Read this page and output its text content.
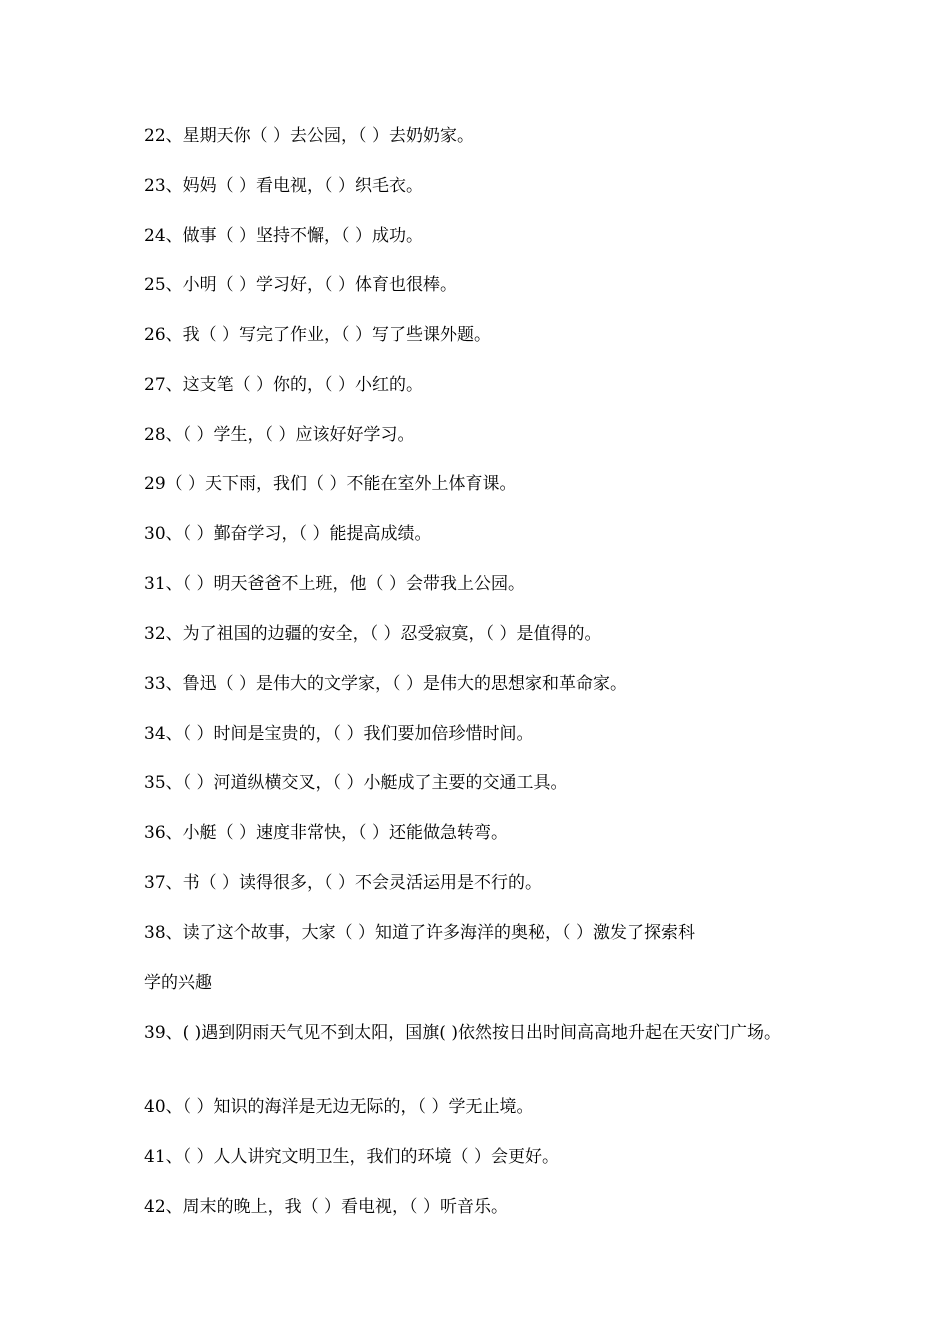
22、星期天你（ ）去公园，（ ）去奶奶家。
23、妈妈（ ）看电视，（ ）织毛衣。
24、做事（ ）坚持不懈，（ ）成功。
25、小明（ ）学习好，（ ）体育也很棒。
26、我（ ）写完了作业，（ ）写了些课外题。
27、这支笔（ ）你的，（ ）小红的。
28、（ ）学生，（ ）应该好好学习。
29（ ）天下雨，我们（ ）不能在室外上体育课。
30、（ ）鄞奋学习，（ ）能提高成绩。
31、（ ）明天爸爸不上班，他（ ）会带我上公园。
32、为了祖国的边疆的安全，（ ）忍受寂寞，（ ）是值得的。
33、鲁迅（ ）是伟大的文学家，（ ）是伟大的思想家和革命家。
34、（ ）时间是宝贵的，（ ）我们要加倍珍惜时间。
35、（ ）河道纵横交叉，（ ）小艇成了主要的交通工具。
36、小艇（ ）速度非常快，（ ）还能做急转弯。
37、书（ ）读得很多，（ ）不会灵活运用是不行的。
38、读了这个故事，大家（ ）知道了许多海洋的奥秘，（ ）激发了探索科
学的兴趣
39、( )遇到阴雨天气见不到太阳，国旗( )依然按日出时间高高地升起在天安门广场。
40、（ ）知识的海洋是无边无际的，（ ）学无止境。
41、（ ）人人讲究文明卫生，我们的环境（ ）会更好。
42、周末的晚上，我（ ）看电视，（ ）听音乐。
